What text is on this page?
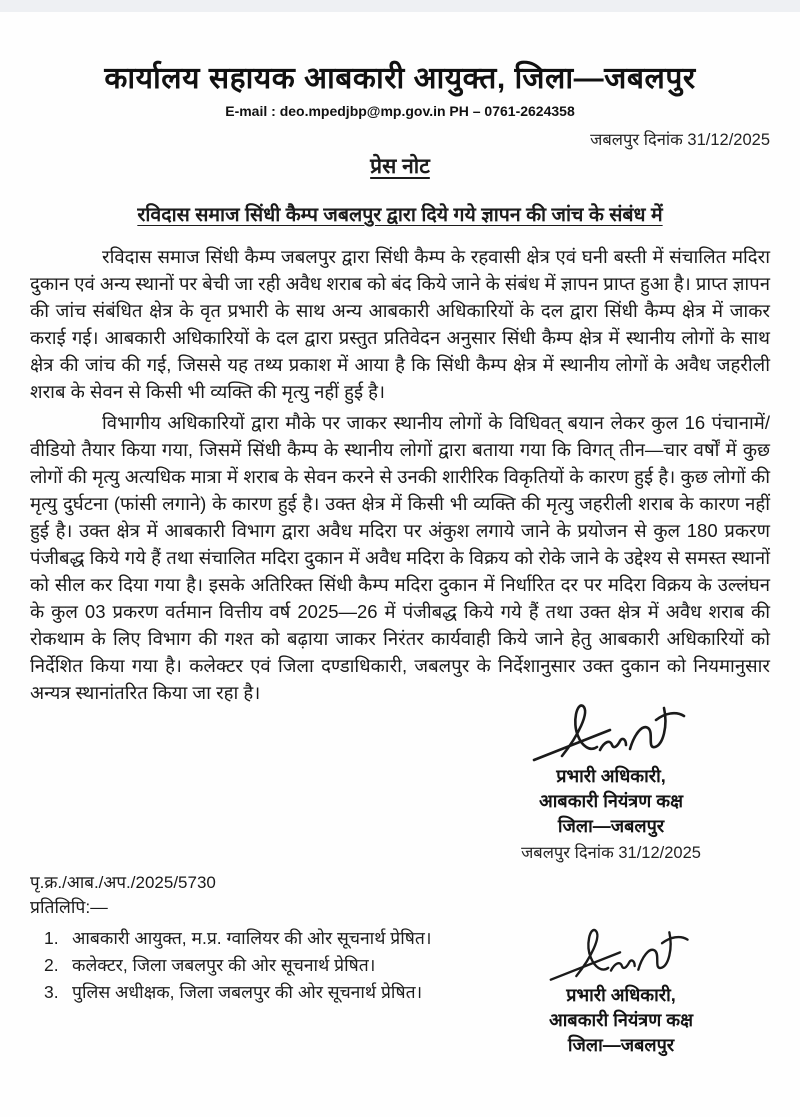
कार्यालय सहायक आबकारी आयुक्त, जिला—जबलपुर
E-mail : deo.mpedjbp@mp.gov.in PH – 0761-2624358
जबलपुर दिनांक 31/12/2025
प्रेस नोट
रविदास समाज सिंधी कैम्प जबलपुर द्वारा दिये गये ज्ञापन की जांच के संबंध में

रविदास समाज सिंधी कैम्प जबलपुर द्वारा सिंधी कैम्प के रहवासी क्षेत्र एवं घनी बस्ती में संचालित मदिरा दुकान एवं अन्य स्थानों पर बेची जा रही अवैध शराब को बंद किये जाने के संबंध में ज्ञापन प्राप्त हुआ है। प्राप्त ज्ञापन की जांच संबंधित क्षेत्र के वृत प्रभारी के साथ अन्य आबकारी अधिकारियों के दल द्वारा सिंधी कैम्प क्षेत्र में जाकर कराई गई। आबकारी अधिकारियों के दल द्वारा प्रस्तुत प्रतिवेदन अनुसार सिंधी कैम्प क्षेत्र में स्थानीय लोगों के साथ क्षेत्र की जांच की गई, जिससे यह तथ्य प्रकाश में आया है कि सिंधी कैम्प क्षेत्र में स्थानीय लोगों के अवैध जहरीली शराब के सेवन से किसी भी व्यक्ति की मृत्यु नहीं हुई है।

विभागीय अधिकारियों द्वारा मौके पर जाकर स्थानीय लोगों के विधिवत् बयान लेकर कुल 16 पंचानामें/वीडियो तैयार किया गया, जिसमें सिंधी कैम्प के स्थानीय लोगों द्वारा बताया गया कि विगत् तीन—चार वर्षों में कुछ लोगों की मृत्यु अत्यधिक मात्रा में शराब के सेवन करने से उनकी शारीरिक विकृतियों के कारण हुई है। कुछ लोगों की मृत्यु दुर्घटना (फांसी लगाने) के कारण हुई है। उक्त क्षेत्र में किसी भी व्यक्ति की मृत्यु जहरीली शराब के कारण नहीं हुई है। उक्त क्षेत्र में आबकारी विभाग द्वारा अवैध मदिरा पर अंकुश लगाये जाने के प्रयोजन से कुल 180 प्रकरण पंजीबद्ध किये गये हैं तथा संचालित मदिरा दुकान में अवैध मदिरा के विक्रय को रोके जाने के उद्देश्य से समस्त स्थानों को सील कर दिया गया है। इसके अतिरिक्त सिंधी कैम्प मदिरा दुकान में निर्धारित दर पर मदिरा विक्रय के उल्लंघन के कुल 03 प्रकरण वर्तमान वित्तीय वर्ष 2025—26 में पंजीबद्ध किये गये हैं तथा उक्त क्षेत्र में अवैध शराब की रोकथाम के लिए विभाग की गश्त को बढ़ाया जाकर निरंतर कार्यवाही किये जाने हेतु आबकारी अधिकारियों को निर्देशित किया गया है। कलेक्टर एवं जिला दण्डाधिकारी, जबलपुर के निर्देशानुसार उक्त दुकान को नियमानुसार अन्यत्र स्थानांतरित किया जा रहा है।

प्रभारी अधिकारी,
आबकारी नियंत्रण कक्ष
जिला—जबलपुर
जबलपुर दिनांक 31/12/2025
पृ.क्र./आब./अप./2025/5730
प्रतिलिपि:—
1. आबकारी आयुक्त, म.प्र. ग्वालियर की ओर सूचनार्थ प्रेषित।
2. कलेक्टर, जिला जबलपुर की ओर सूचनार्थ प्रेषित।
3. पुलिस अधीक्षक, जिला जबलपुर की ओर सूचनार्थ प्रेषित।	प्रभारी अधिकारी,
आबकारी नियंत्रण कक्ष
जिला—जबलपुर
